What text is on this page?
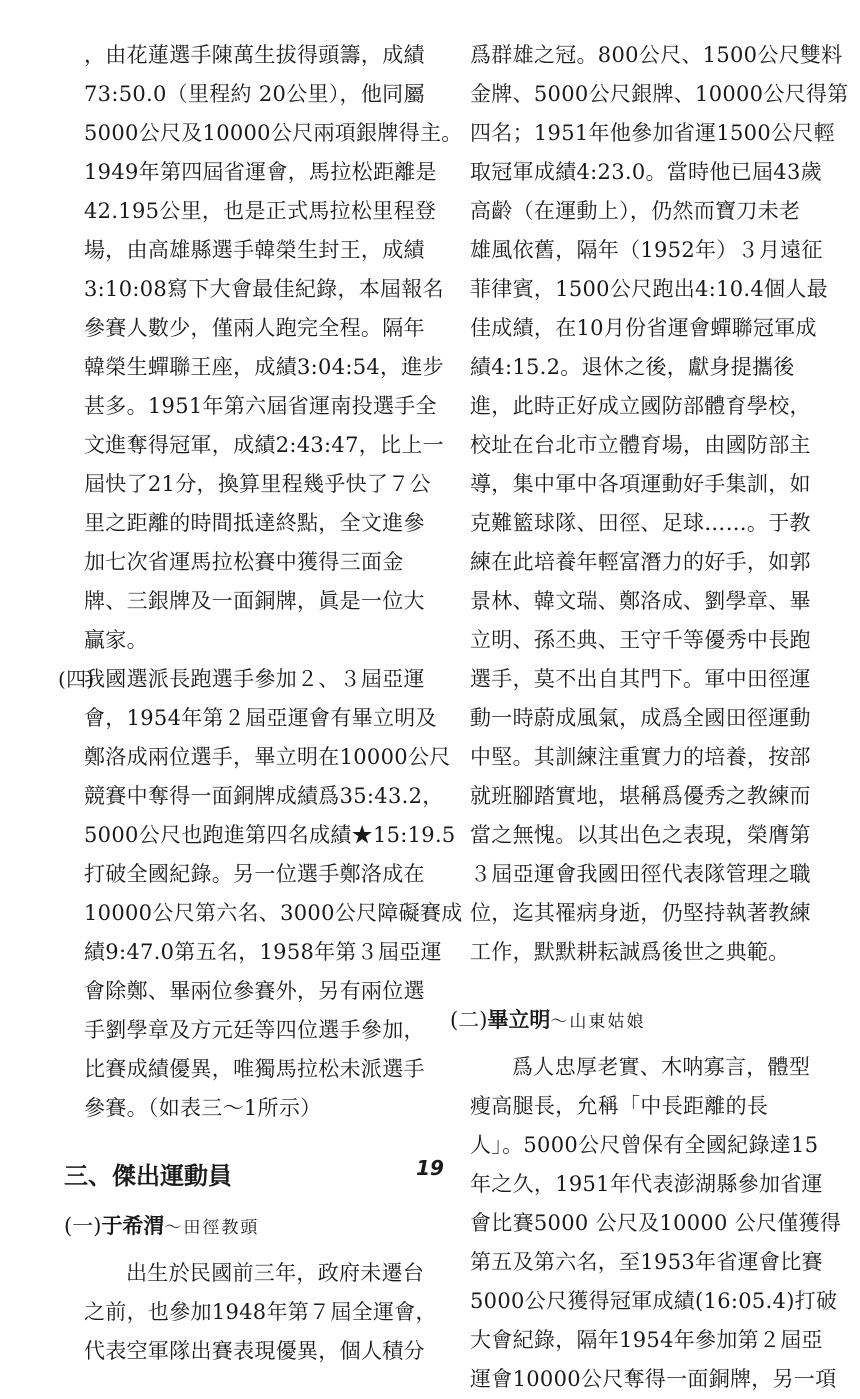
，由花蓮選手陳萬生拔得頭籌，成績
73:50.0（里程約 20公里），他同屬
5000公尺及10000公尺兩項銀牌得主。
1949年第四屆省運會，馬拉松距離是
42.195公里，也是正式馬拉松里程登
場，由高雄縣選手韓榮生封王，成績
3:10:08寫下大會最佳紀錄，本屆報名
參賽人數少，僅兩人跑完全程。隔年
韓榮生蟬聯王座，成績3:04:54，進步
甚多。1951年第六屆省運南投選手全
文進奪得冠軍，成績2:43:47，比上一
屆快了21分，換算里程幾乎快了７公
里之距離的時間抵達終點，全文進參
加七次省運馬拉松賽中獲得三面金
牌、三銀牌及一面銅牌，眞是一位大
贏家。

(四)
我國選派長跑選手參加２、３屆亞運
會，1954年第２屆亞運會有畢立明及
鄭洛成兩位選手，畢立明在10000公尺
競賽中奪得一面銅牌成績爲35:43.2，
5000公尺也跑進第四名成績★15:19.5
打破全國紀錄。另一位選手鄭洛成在
10000公尺第六名、3000公尺障礙賽成
績9:47.0第五名，1958年第３屆亞運
會除鄭、畢兩位參賽外，另有兩位選
手劉學章及方元廷等四位選手參加，
比賽成績優異，唯獨馬拉松未派選手
參賽。（如表三～1所示）

三、傑出運動員
(一)于希渭～田徑教頭

出生於民國前三年，政府未遷台
之前，也參加1948年第７屆全運會，
代表空軍隊出賽表現優異，個人積分

爲群雄之冠。800公尺、1500公尺雙料
金牌、5000公尺銀牌、10000公尺得第
四名；1951年他參加省運1500公尺輕
取冠軍成績4:23.0。當時他已屆43歲
高齡（在運動上），仍然而寶刀未老
雄風依舊，隔年（1952年）３月遠征
菲律賓，1500公尺跑出4:10.4個人最
佳成績，在10月份省運會蟬聯冠軍成
績4:15.2。退休之後，獻身提攜後
進，此時正好成立國防部體育學校，
校址在台北市立體育場，由國防部主
導，集中軍中各項運動好手集訓，如
克難籃球隊、田徑、足球……。于教
練在此培養年輕富潛力的好手，如郭
景林、韓文瑞、鄭洛成、劉學章、畢
立明、孫丕典、王守千等優秀中長跑
選手，莫不出自其門下。軍中田徑運
動一時蔚成風氣，成爲全國田徑運動
中堅。其訓練注重實力的培養，按部
就班腳踏實地，堪稱爲優秀之教練而
當之無愧。以其出色之表現，榮膺第
３屆亞運會我國田徑代表隊管理之職
位，迄其罹病身逝，仍堅持執著教練
工作，默默耕耘誠爲後世之典範。

(二)畢立明～山東姑娘

爲人忠厚老實、木呐寡言，體型
瘦高腿長，允稱「中長距離的長
人」。5000公尺曾保有全國紀錄達15
年之久，1951年代表澎湖縣參加省運
會比賽5000 公尺及10000 公尺僅獲得
第五及第六名，至1953年省運會比賽
5000公尺獲得冠軍成績(16:05.4)打破
大會紀錄，隔年1954年參加第２屆亞
運會10000公尺奪得一面銅牌，另一項

19
